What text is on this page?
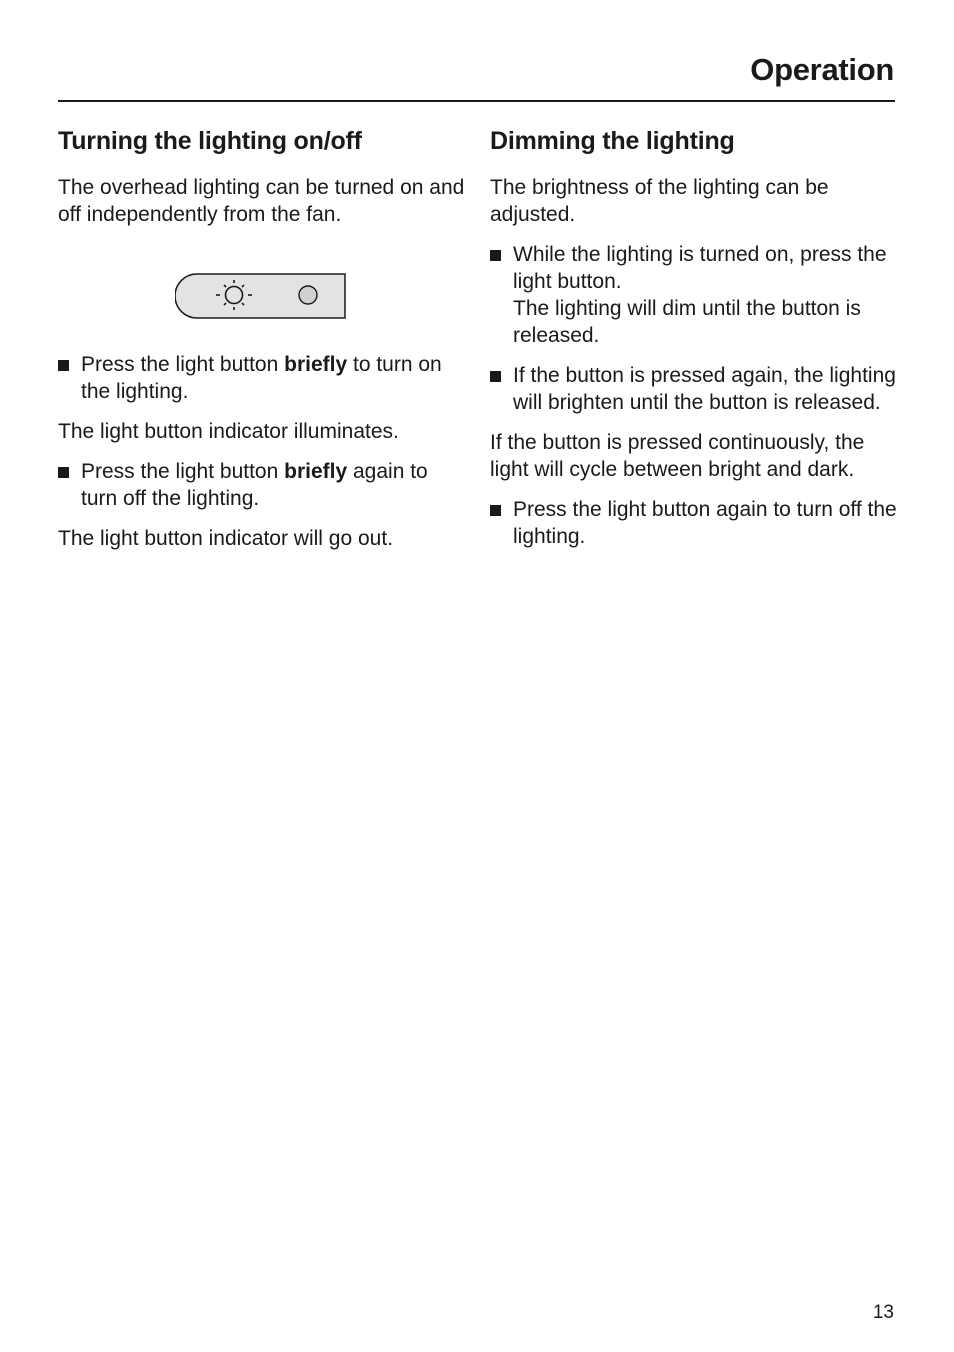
Operation
Turning the lighting on/off

The overhead lighting can be turned on and off independently from the fan.

Press the light button briefly to turn on the lighting.

The light button indicator illuminates.

Press the light button briefly again to turn off the lighting.

The light button indicator will go out.

Dimming the lighting

The brightness of the lighting can be adjusted.

While the lighting is turned on, press the light button.
The lighting will dim until the button is released.
If the button is pressed again, the lighting will brighten until the button is released.

If the button is pressed continuously, the light will cycle between bright and dark.

Press the light button again to turn off the lighting.
13
